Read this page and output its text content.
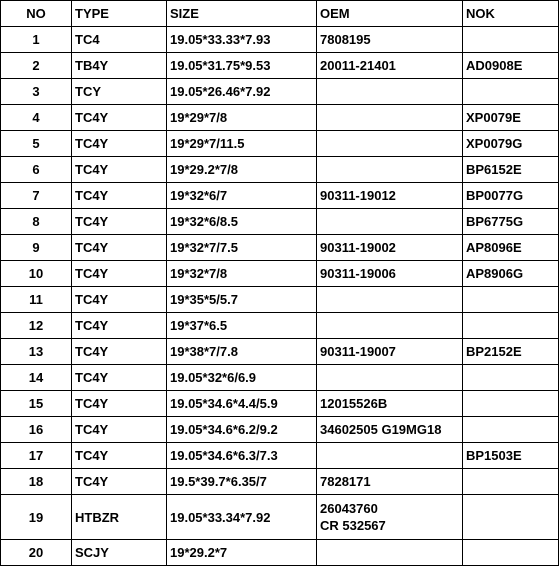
NO	TYPE	SIZE	OEM	NOK
1	TC4	19.05*33.33*7.93	7808195	

2	TB4Y	19.05*31.75*9.53	20011-21401	AD0908E
3	TCY	19.05*26.46*7.92		
4	TC4Y	19*29*7/8		XP0079E
5	TC4Y	19*29*7/11.5		XP0079G
6	TC4Y	19*29.2*7/8		BP6152E
7	TC4Y	19*32*6/7	90311-19012	BP0077G
8	TC4Y	19*32*6/8.5		BP6775G
9	TC4Y	19*32*7/7.5	90311-19002	AP8096E
10	TC4Y	19*32*7/8	90311-19006	AP8906G
11	TC4Y	19*35*5/5.7		
12	TC4Y	19*37*6.5		
13	TC4Y	19*38*7/7.8	90311-19007	BP2152E
14	TC4Y	19.05*32*6/6.9		
15	TC4Y	19.05*34.6*4.4/5.9	12015526B	

16	TC4Y	19.05*34.6*6.2/9.2	34602505 G19MG18	

17	TC4Y	19.05*34.6*6.3/7.3		BP1503E
18	TC4Y	19.5*39.7*6.35/7	7828171	

19	HTBZR	19.05*33.34*7.92	26043760
CR 532567	

20	SCJY	19*29.2*7		
